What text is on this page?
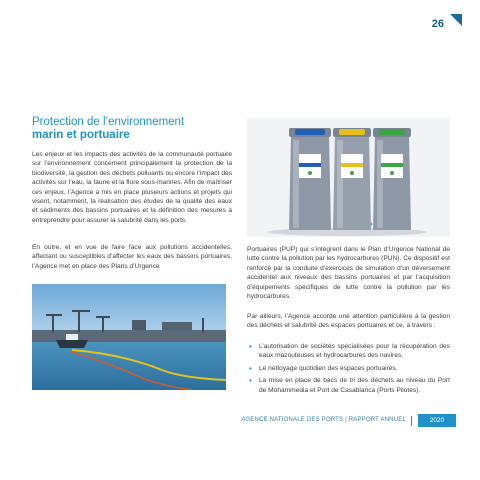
26
Protection de l’environnement
marin et portuaire

Les enjeux et les impacts des activités de la communauté portuaire sur l’environnement concernent principalement la protection de la biodiversité, la gestion des déchets polluants ou encore l’impact des activités sur l’eau, la faune et la flore sous-marines. Afin de maîtriser ces enjeux, l’Agence a mis en place plusieurs actions et projets qui visent, notamment, la réalisation des études de la qualité des eaux et sédiments des bassins portuaires et la définition des mesures à entreprendre pour assurer la salubrité dans les ports.

En outre, et en vue de faire face aux pollutions accidentelles, affectant ou susceptibles d’affecter les eaux des bassins portuaires, l’Agence met en place des Plans d’Urgence

Portuaires (PUP) qui s’intègrent dans le Plan d’Urgence National de lutte contre la pollution par les hydrocarbures (PUN). Ce dispositif est renforcé par la conduite d’exercices de simulation d’un déversement accidentel aux niveaux des bassins portuaires et par l’acquisition d’équipements spécifiques de lutte contre la pollution par les hydrocarbures.

Par ailleurs, l’Agence accorde une attention particulière à la gestion des déchets et salubrité des espaces portuaires et ce, à travers :

• L’autorisation de sociétés spécialisées pour la récupération des eaux mazouteuses et hydrocarbures des navires.
• Le nettoyage quotidien des espaces portuaires.
• La mise en place de bacs de tri des déchets au niveau du Port de Mohammedia et Port de Casablanca (Ports Pilotes).
AGENCE NATIONALE DES PORTS | RAPPORT ANNUEL	2020
